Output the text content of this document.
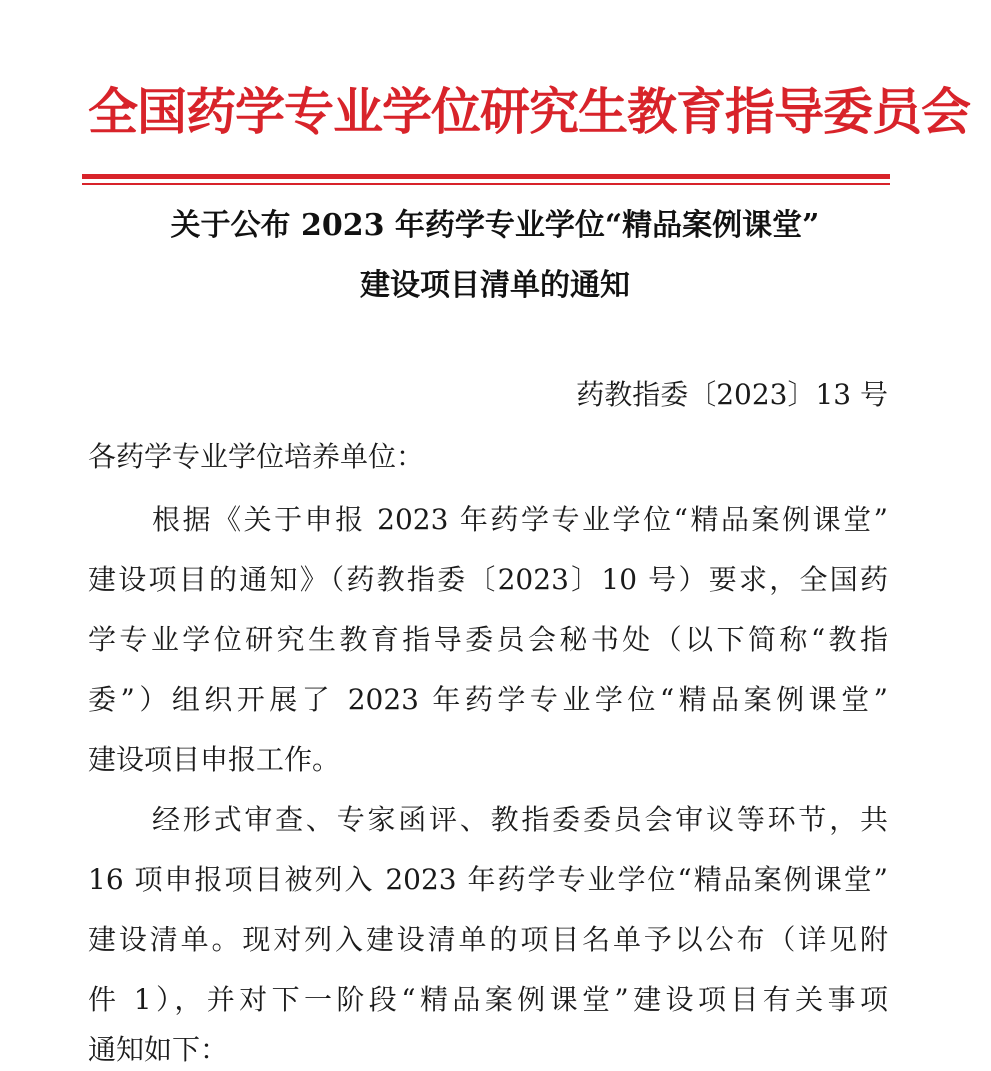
全国药学专业学位研究生教育指导委员会
关于公布 2023 年药学专业学位“精品案例课堂”
建设项目清单的通知
药教指委〔2023〕13 号
各药学专业学位培养单位：
根据《关于申报 2023 年药学专业学位“精品案例课堂”
建设项目的通知》（药教指委〔2023〕10 号）要求，全国药
学专业学位研究生教育指导委员会秘书处（以下简称“教指
委”）组织开展了 2023 年药学专业学位“精品案例课堂”
建设项目申报工作。
经形式审查、专家函评、教指委委员会审议等环节，共
16 项申报项目被列入 2023 年药学专业学位“精品案例课堂”
建设清单。现对列入建设清单的项目名单予以公布（详见附
件 1），并对下一阶段“精品案例课堂”建设项目有关事项
通知如下：
